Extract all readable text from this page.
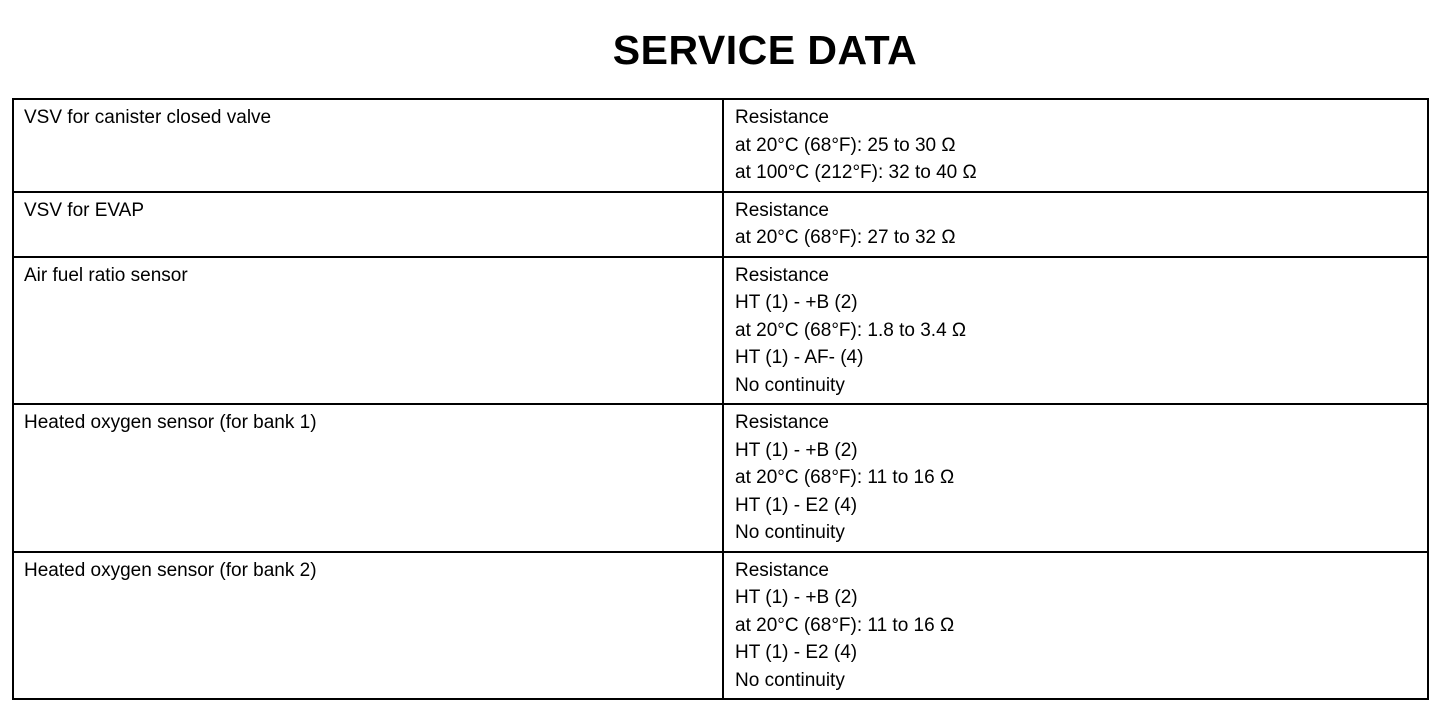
SERVICE DATA
VSV for canister closed valve	Resistance
at 20°C (68°F): 25 to 30 Ω
at 100°C (212°F): 32 to 40 Ω

VSV for EVAP	Resistance
at 20°C (68°F): 27 to 32 Ω

Air fuel ratio sensor	Resistance
HT (1) - +B (2)
at 20°C (68°F): 1.8 to 3.4 Ω
HT (1) - AF- (4)
No continuity

Heated oxygen sensor (for bank 1)	Resistance
HT (1) - +B (2)
at 20°C (68°F): 11 to 16 Ω
HT (1) - E2 (4)
No continuity

Heated oxygen sensor (for bank 2)	Resistance
HT (1) - +B (2)
at 20°C (68°F): 11 to 16 Ω
HT (1) - E2 (4)
No continuity
